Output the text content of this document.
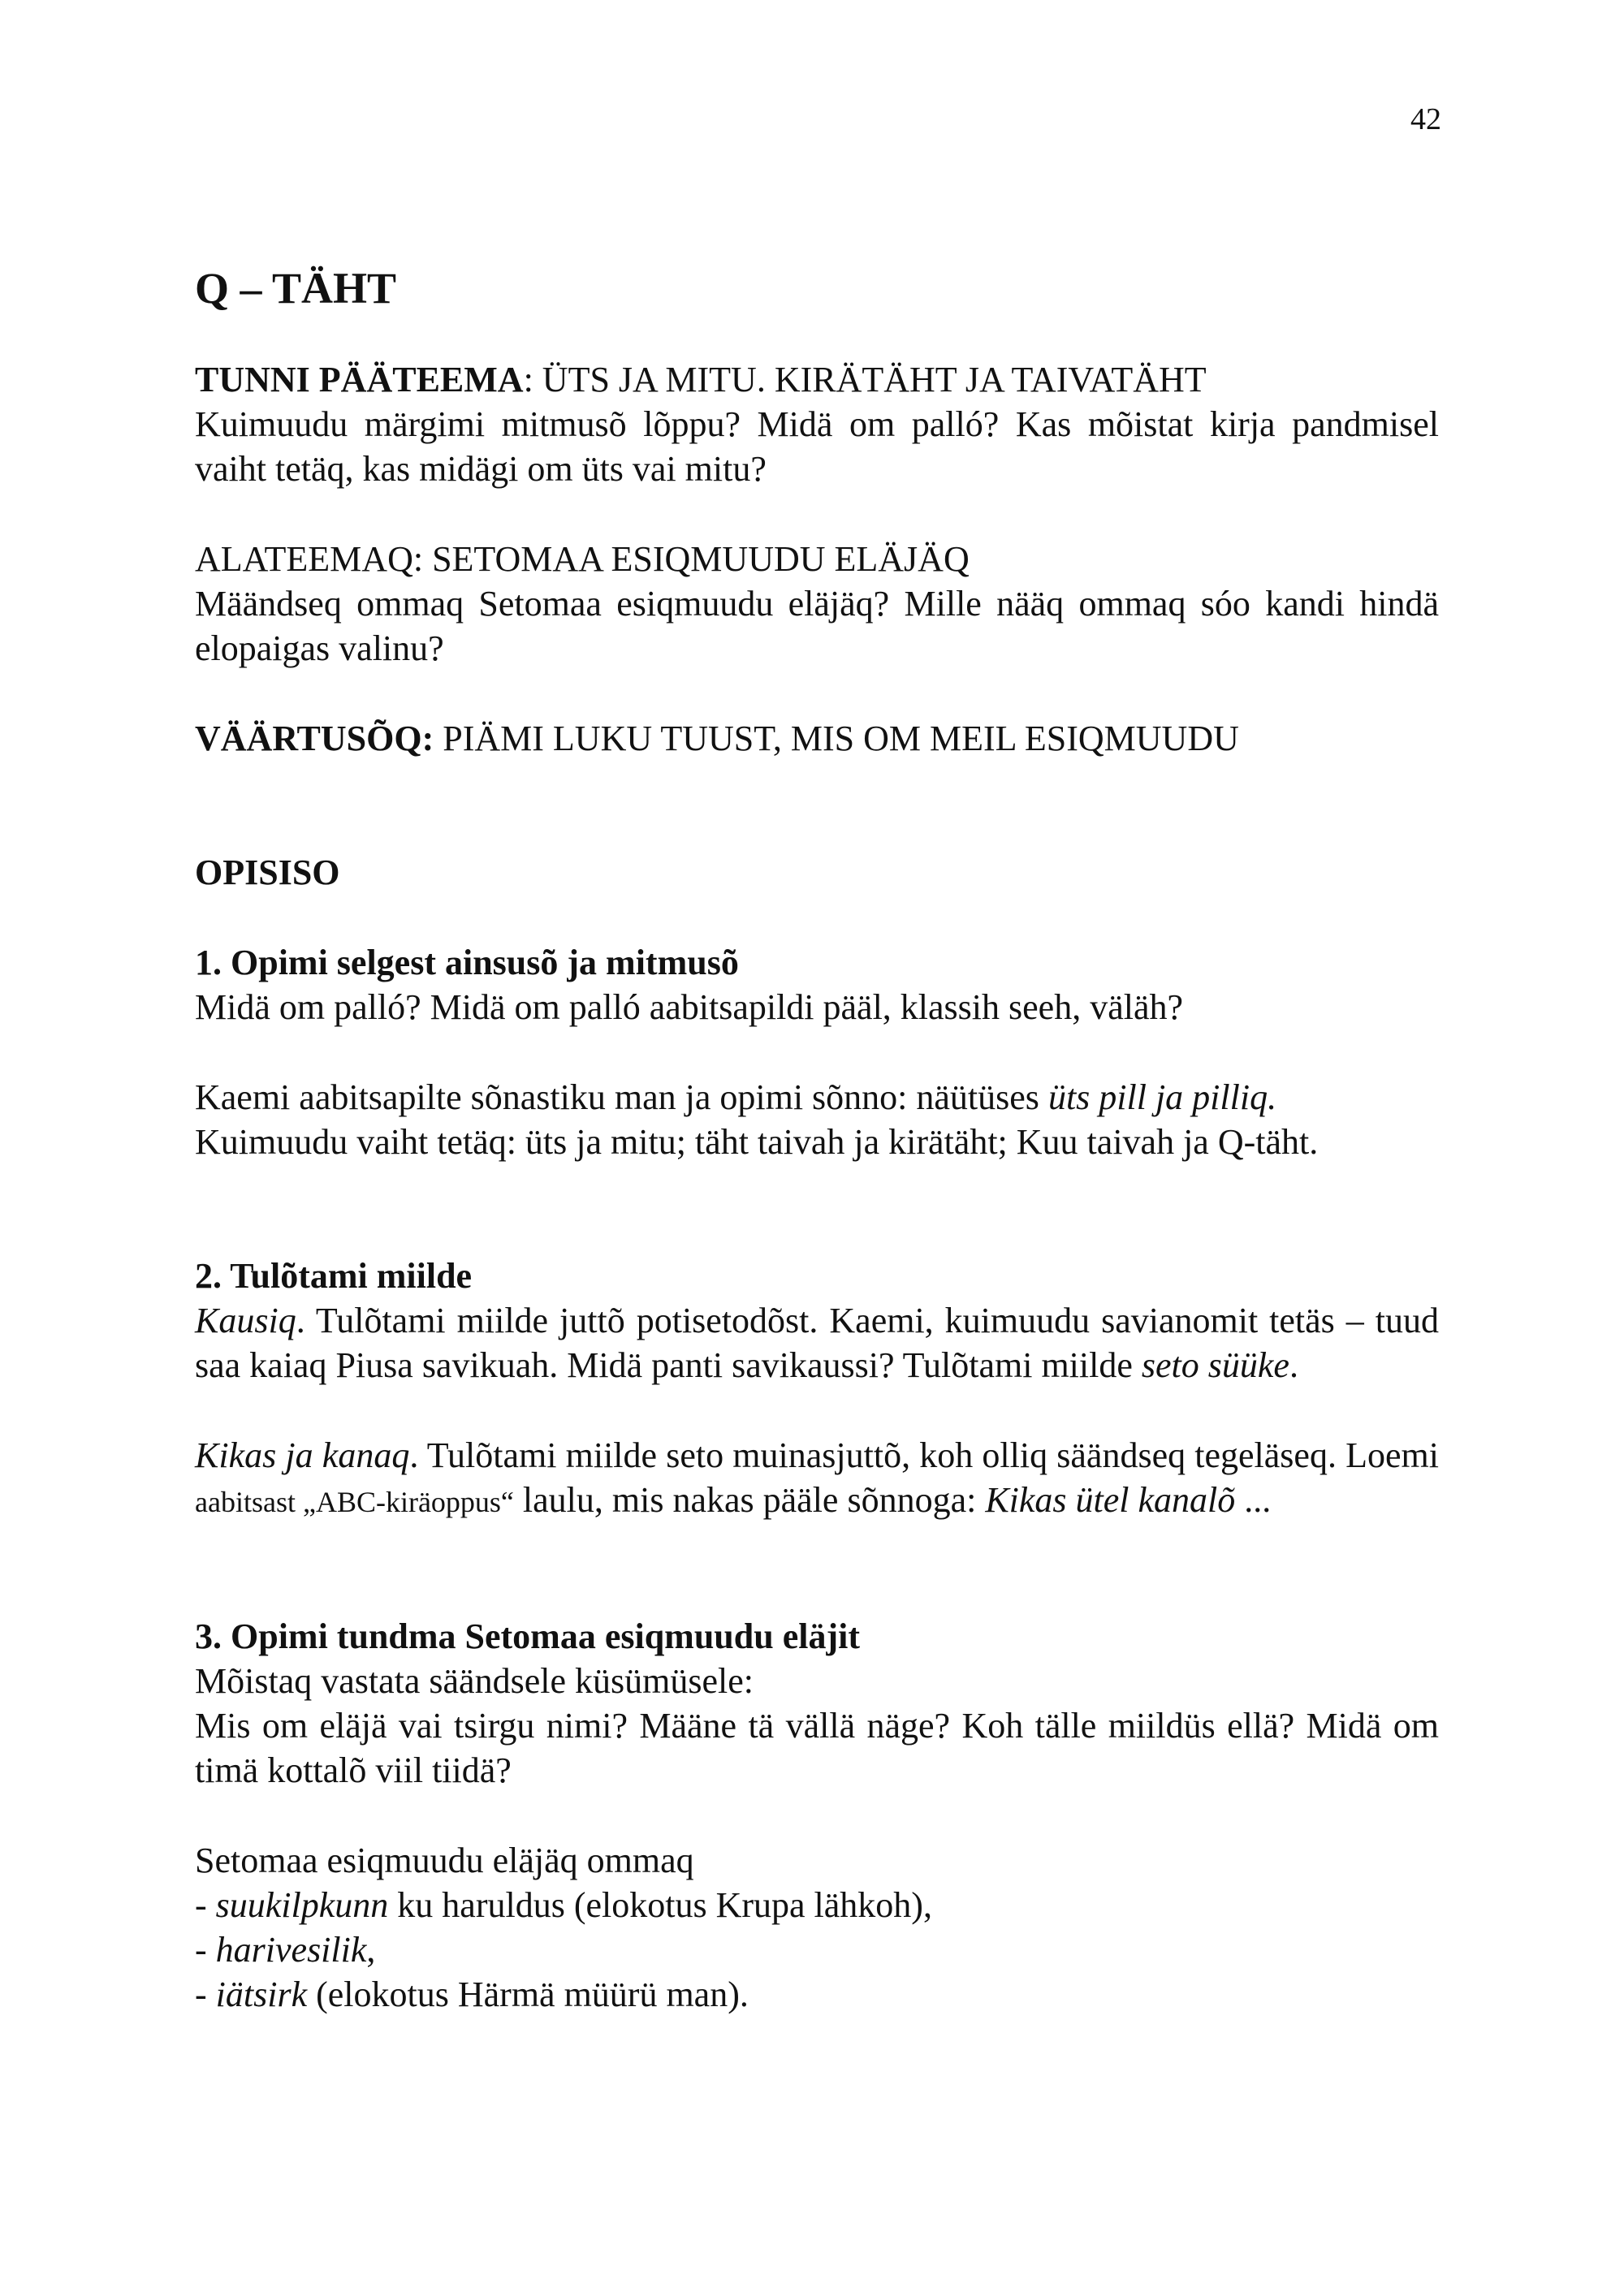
42
Q – TÄHT

TUNNI PÄÄTEEMA: ÜTS JA MITU. KIRÄTÄHT JA TAIVATÄHT

Kuimuudu märgimi mitmusõ lõppu? Midä om palló? Kas mõistat kirja pandmisel vaiht tetäq, kas midägi om üts vai mitu?

ALATEEMAQ: SETOMAA ESIQMUUDU ELÄJÄQ

Määndseq ommaq Setomaa esiqmuudu eläjäq? Mille nääq ommaq sóo kandi hindä elopaigas valinu?

VÄÄRTUSÕQ: PIÄMI LUKU TUUST, MIS OM MEIL ESIQMUUDU

OPISISO

1. Opimi selgest ainsusõ ja mitmusõ

Midä om palló? Midä om palló aabitsapildi pääl, klassih seeh, väläh?

Kaemi aabitsapilte sõnastiku man ja opimi sõnno: näütüses üts pill ja pilliq.

Kuimuudu vaiht tetäq: üts ja mitu; täht taivah ja kirätäht; Kuu taivah ja Q-täht.

2. Tulõtami miilde

Kausiq. Tulõtami miilde juttõ potisetodõst. Kaemi, kuimuudu savianomit tetäs – tuud saa kaiaq Piusa savikuah. Midä panti savikaussi? Tulõtami miilde seto süüke.

Kikas ja kanaq. Tulõtami miilde seto muinasjuttõ, koh olliq säändseq tegeläseq. Loemi aabitsast „ABC-kiräoppus“ laulu, mis nakas pääle sõnnoga: Kikas ütel kanalõ ...

3. Opimi tundma Setomaa esiqmuudu eläjit

Mõistaq vastata säändsele küsümüsele:

Mis om eläjä vai tsirgu nimi? Määne tä vällä näge? Koh tälle miildüs ellä? Midä om timä kottalõ viil tiidä?

Setomaa esiqmuudu eläjäq ommaq

- suukilpkunn ku haruldus (elokotus Krupa lähkoh),

- harivesilik,

- iätsirk (elokotus Härmä müürü man).
